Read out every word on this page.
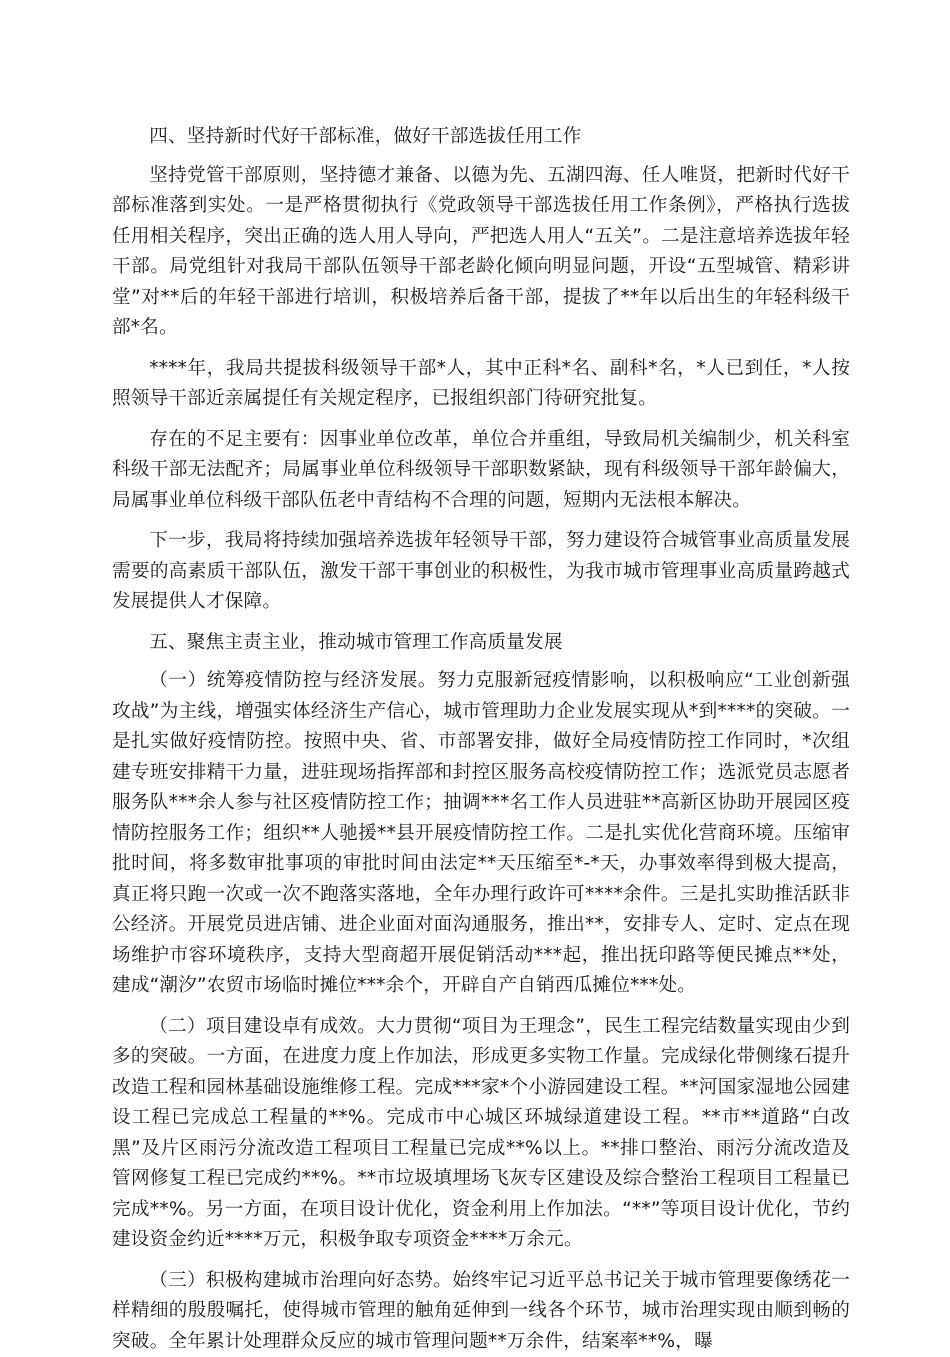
四、坚持新时代好干部标准，做好干部选拔任用工作

坚持党管干部原则，坚持德才兼备、以德为先、五湖四海、任人唯贤，把新时代好干部标准落到实处。一是严格贯彻执行《党政领导干部选拔任用工作条例》，严格执行选拔任用相关程序，突出正确的选人用人导向，严把选人用人“五关”。二是注意培养选拔年轻干部。局党组针对我局干部队伍领导干部老龄化倾向明显问题，开设“五型城管、精彩讲堂”对**后的年轻干部进行培训，积极培养后备干部，提拔了**年以后出生的年轻科级干部*名。

****年，我局共提拔科级领导干部*人，其中正科*名、副科*名，*人已到任，*人按照领导干部近亲属提任有关规定程序，已报组织部门待研究批复。

存在的不足主要有：因事业单位改革，单位合并重组，导致局机关编制少，机关科室科级干部无法配齐；局属事业单位科级领导干部职数紧缺，现有科级领导干部年龄偏大，局属事业单位科级干部队伍老中青结构不合理的问题，短期内无法根本解决。

下一步，我局将持续加强培养选拔年轻领导干部，努力建设符合城管事业高质量发展需要的高素质干部队伍，激发干部干事创业的积极性，为我市城市管理事业高质量跨越式发展提供人才保障。

五、聚焦主责主业，推动城市管理工作高质量发展

（一）统筹疫情防控与经济发展。努力克服新冠疫情影响，以积极响应“工业创新强攻战”为主线，增强实体经济生产信心，城市管理助力企业发展实现从*到****的突破。一是扎实做好疫情防控。按照中央、省、市部署安排，做好全局疫情防控工作同时，*次组建专班安排精干力量，进驻现场指挥部和封控区服务高校疫情防控工作；选派党员志愿者服务队***余人参与社区疫情防控工作；抽调***名工作人员进驻**高新区协助开展园区疫情防控服务工作；组织**人驰援**县开展疫情防控工作。二是扎实优化营商环境。压缩审批时间，将多数审批事项的审批时间由法定**天压缩至*-*天，办事效率得到极大提高，真正将只跑一次或一次不跑落实落地，全年办理行政许可****余件。三是扎实助推活跃非公经济。开展党员进店铺、进企业面对面沟通服务，推出**，安排专人、定时、定点在现场维护市容环境秩序，支持大型商超开展促销活动***起，推出抚印路等便民摊点**处，建成“潮汐”农贸市场临时摊位***余个，开辟自产自销西瓜摊位***处。

（二）项目建设卓有成效。大力贯彻“项目为王理念”，民生工程完结数量实现由少到多的突破。一方面，在进度力度上作加法，形成更多实物工作量。完成绿化带侧缘石提升改造工程和园林基础设施维修工程。完成***家*个小游园建设工程。**河国家湿地公园建设工程已完成总工程量的**%。完成市中心城区环城绿道建设工程。**市**道路“白改黑”及片区雨污分流改造工程项目工程量已完成**%以上。**排口整治、雨污分流改造及管网修复工程已完成约**%。**市垃圾填埋场飞灰专区建设及综合整治工程项目工程量已完成**%。另一方面，在项目设计优化，资金利用上作加法。“**”等项目设计优化，节约建设资金约近****万元，积极争取专项资金****万余元。

（三）积极构建城市治理向好态势。始终牢记习近平总书记关于城市管理要像绣花一样精细的殷殷嘱托，使得城市管理的触角延伸到一线各个环节，城市治理实现由顺到畅的突破。全年累计处理群众反应的城市管理问题**万余件，结案率**%，曝
